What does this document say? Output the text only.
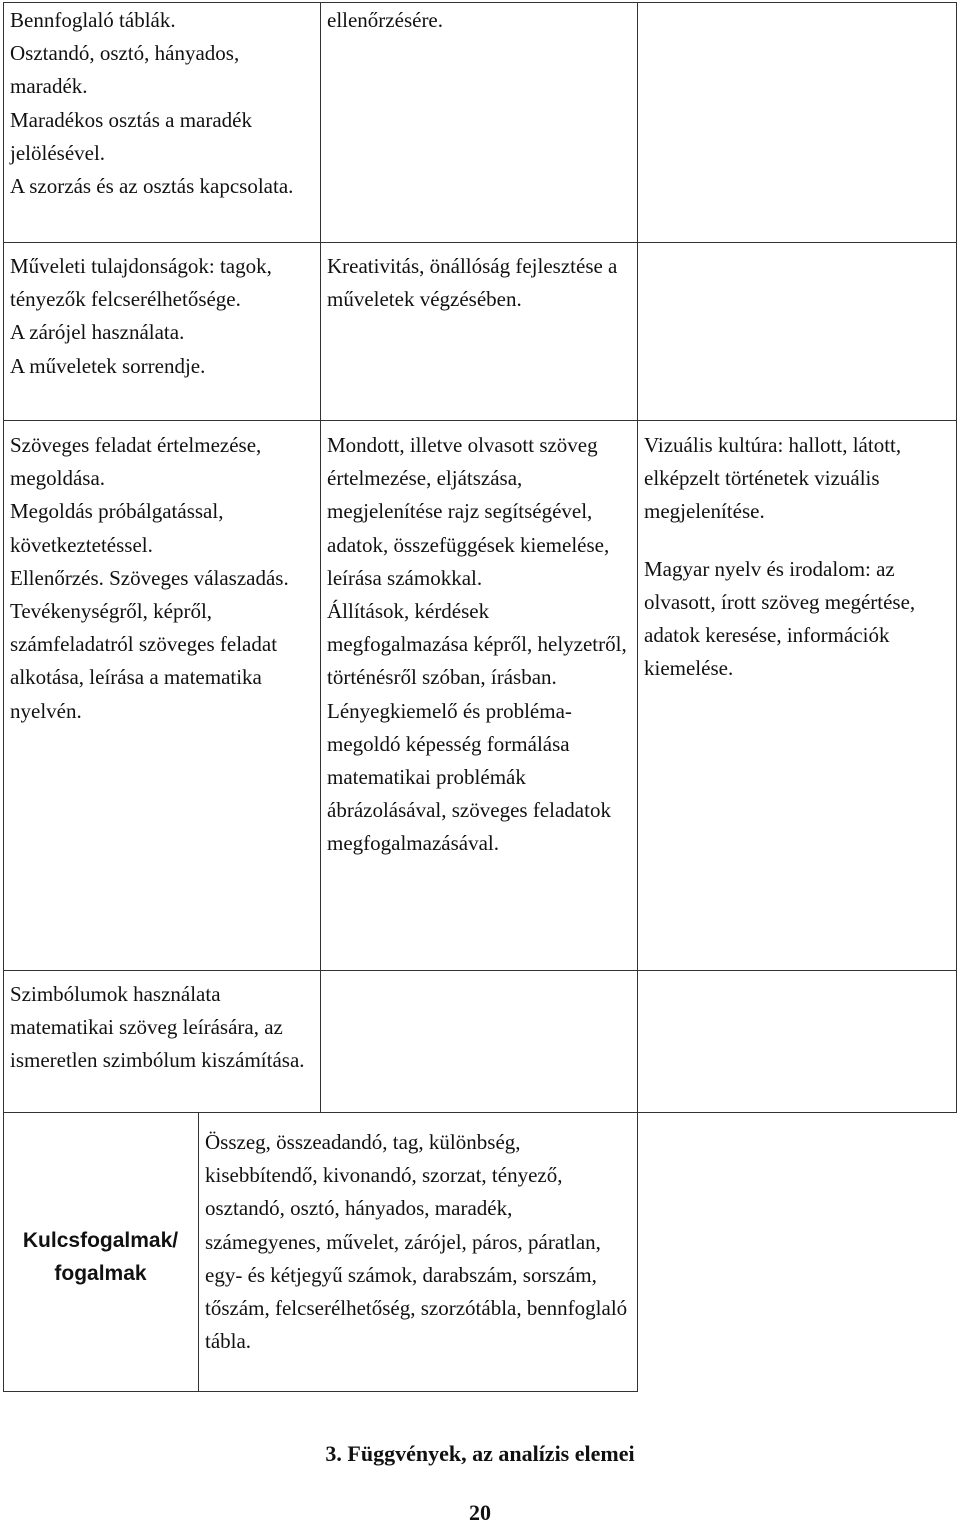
Bennfoglaló táblák.
Osztandó, osztó, hányados, maradék.
Maradékos osztás a maradék jelölésével.
A szorzás és az osztás kapcsolata.
ellenőrzésére.
Műveleti tulajdonságok: tagok, tényezők felcserélhetősége.
A zárójel használata.
A műveletek sorrendje.
Kreativitás, önállóság fejlesztése a műveletek végzésében.
Szöveges feladat értelmezése, megoldása.
Megoldás próbálgatással, következtetéssel.
Ellenőrzés. Szöveges válaszadás.
Tevékenységről, képről, számfeladatról szöveges feladat alkotása, leírása a matematika nyelvén.
Mondott, illetve olvasott szöveg értelmezése, eljátszása, megjelenítése rajz segítségével, adatok, összefüggések kiemelése, leírása számokkal.
Állítások, kérdések megfogalmazása képről, helyzetről, történésről szóban, írásban.
Lényegkiemelő és probléma-megoldó képesség formálása matematikai problémák ábrázolásával, szöveges feladatok megfogalmazásával.
Vizuális kultúra: hallott, látott, elképzelt történetek vizuális megjelenítése.
Magyar nyelv és irodalom: az olvasott, írott szöveg megértése, adatok keresése, információk kiemelése.
Szimbólumok használata matematikai szöveg leírására, az ismeretlen szimbólum kiszámítása.
Kulcsfogalmak/
fogalmak
Összeg, összeadandó, tag, különbség, kisebbítendő, kivonandó, szorzat, tényező, osztandó, osztó, hányados, maradék, számegyenes, művelet, zárójel, páros, páratlan, egy- és kétjegyű számok, darabszám, sorszám, tőszám, felcserélhetőség, szorzótábla, bennfoglaló tábla.
3. Függvények, az analízis elemei
20
